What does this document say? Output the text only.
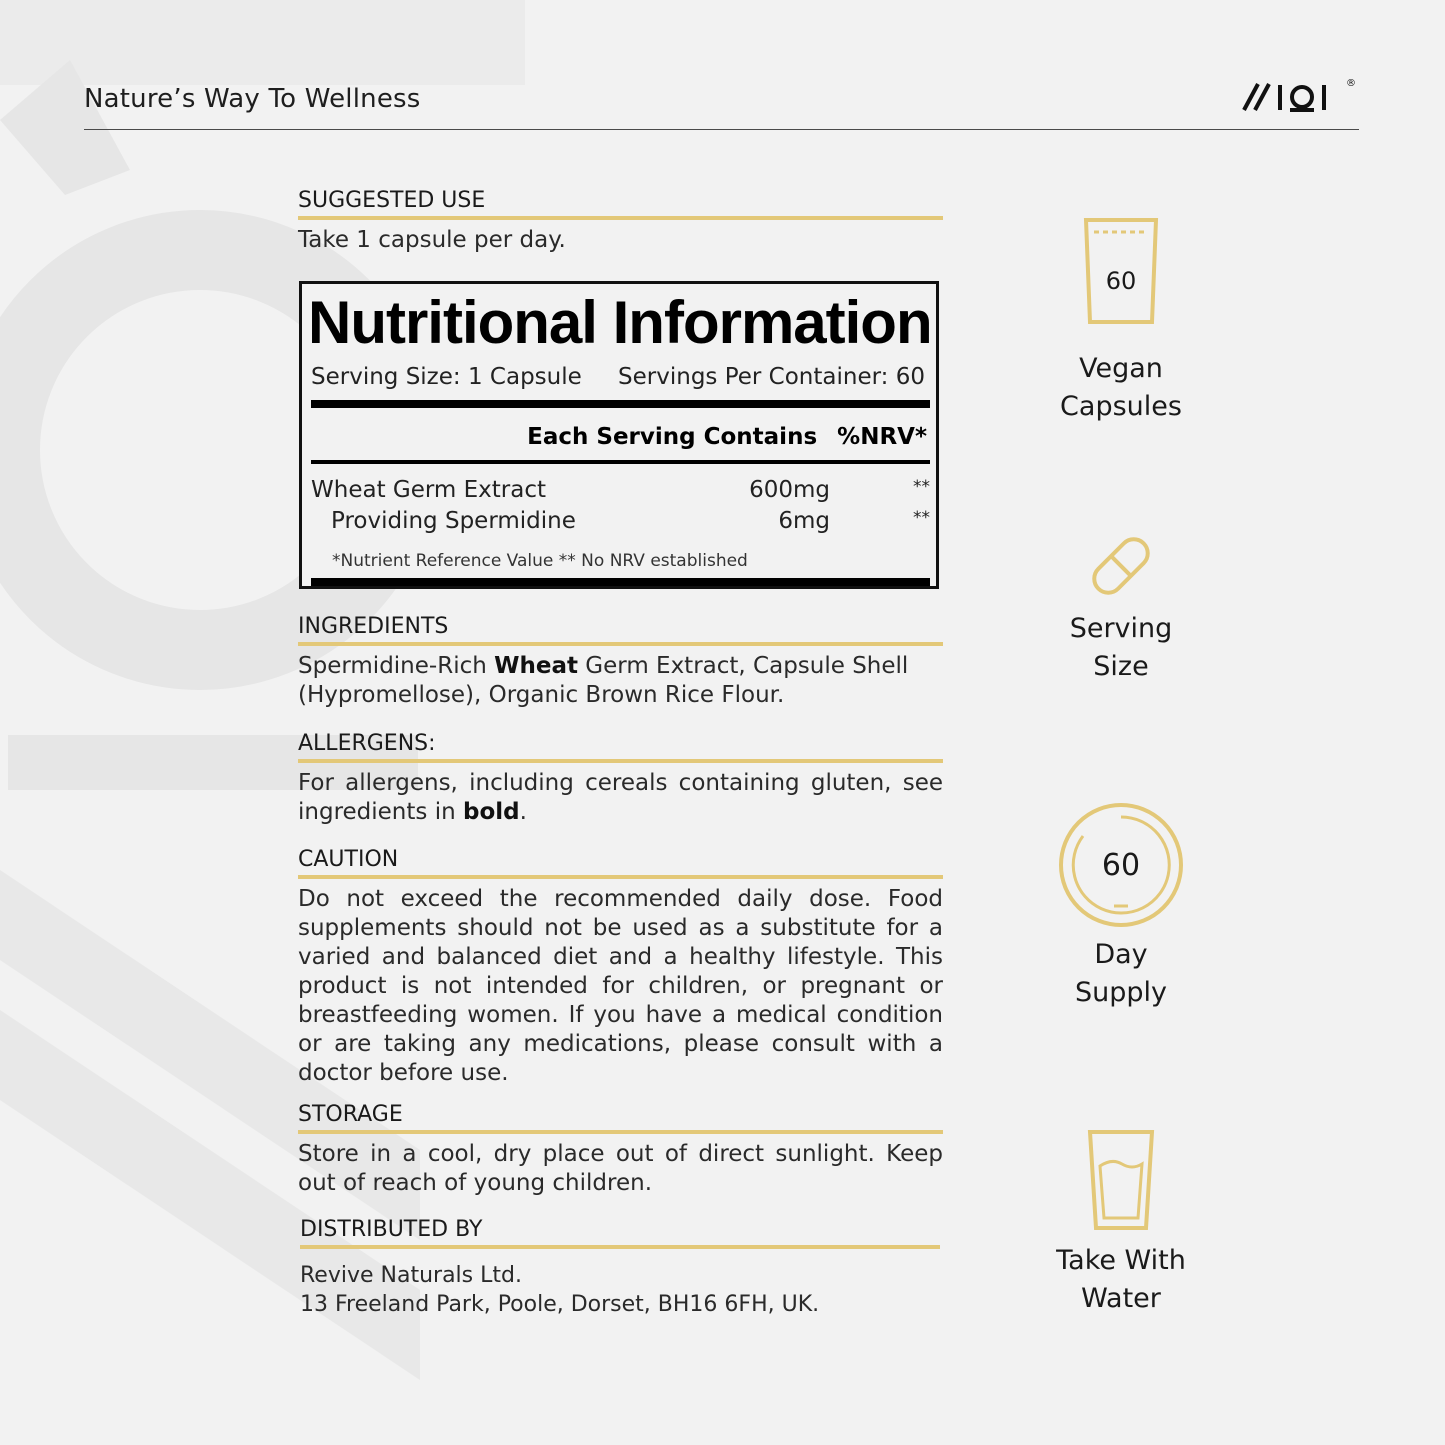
Nature’s Way To Wellness
®
SUGGESTED USE
Take 1 capsule per day.
Nutritional Information
Serving Size: 1 Capsule Servings Per Container: 60
Each Serving Contains %NRV*
Wheat Germ Extract	600mg	**
Providing Spermidine	6mg	**
*Nutrient Reference Value ** No NRV established
INGREDIENTS
Spermidine-Rich Wheat Germ Extract, Capsule Shell (Hypromellose), Organic Brown Rice Flour.
ALLERGENS:
For allergens, including cereals containing gluten, see ingredients in bold.
CAUTION
Do not exceed the recommended daily dose. Food supplements should not be used as a substitute for a varied and balanced diet and a healthy lifestyle. This product is not intended for children, or pregnant or breastfeeding women. If you have a medical condition or are taking any medications, please consult with a doctor before use.
STORAGE
Store in a cool, dry place out of direct sunlight. Keep out of reach of young children.
DISTRIBUTED BY
Revive Naturals Ltd.
13 Freeland Park, Poole, Dorset, BH16 6FH, UK.
60
Vegan
Capsules
Serving
Size
60
Day
Supply
Take With
Water
